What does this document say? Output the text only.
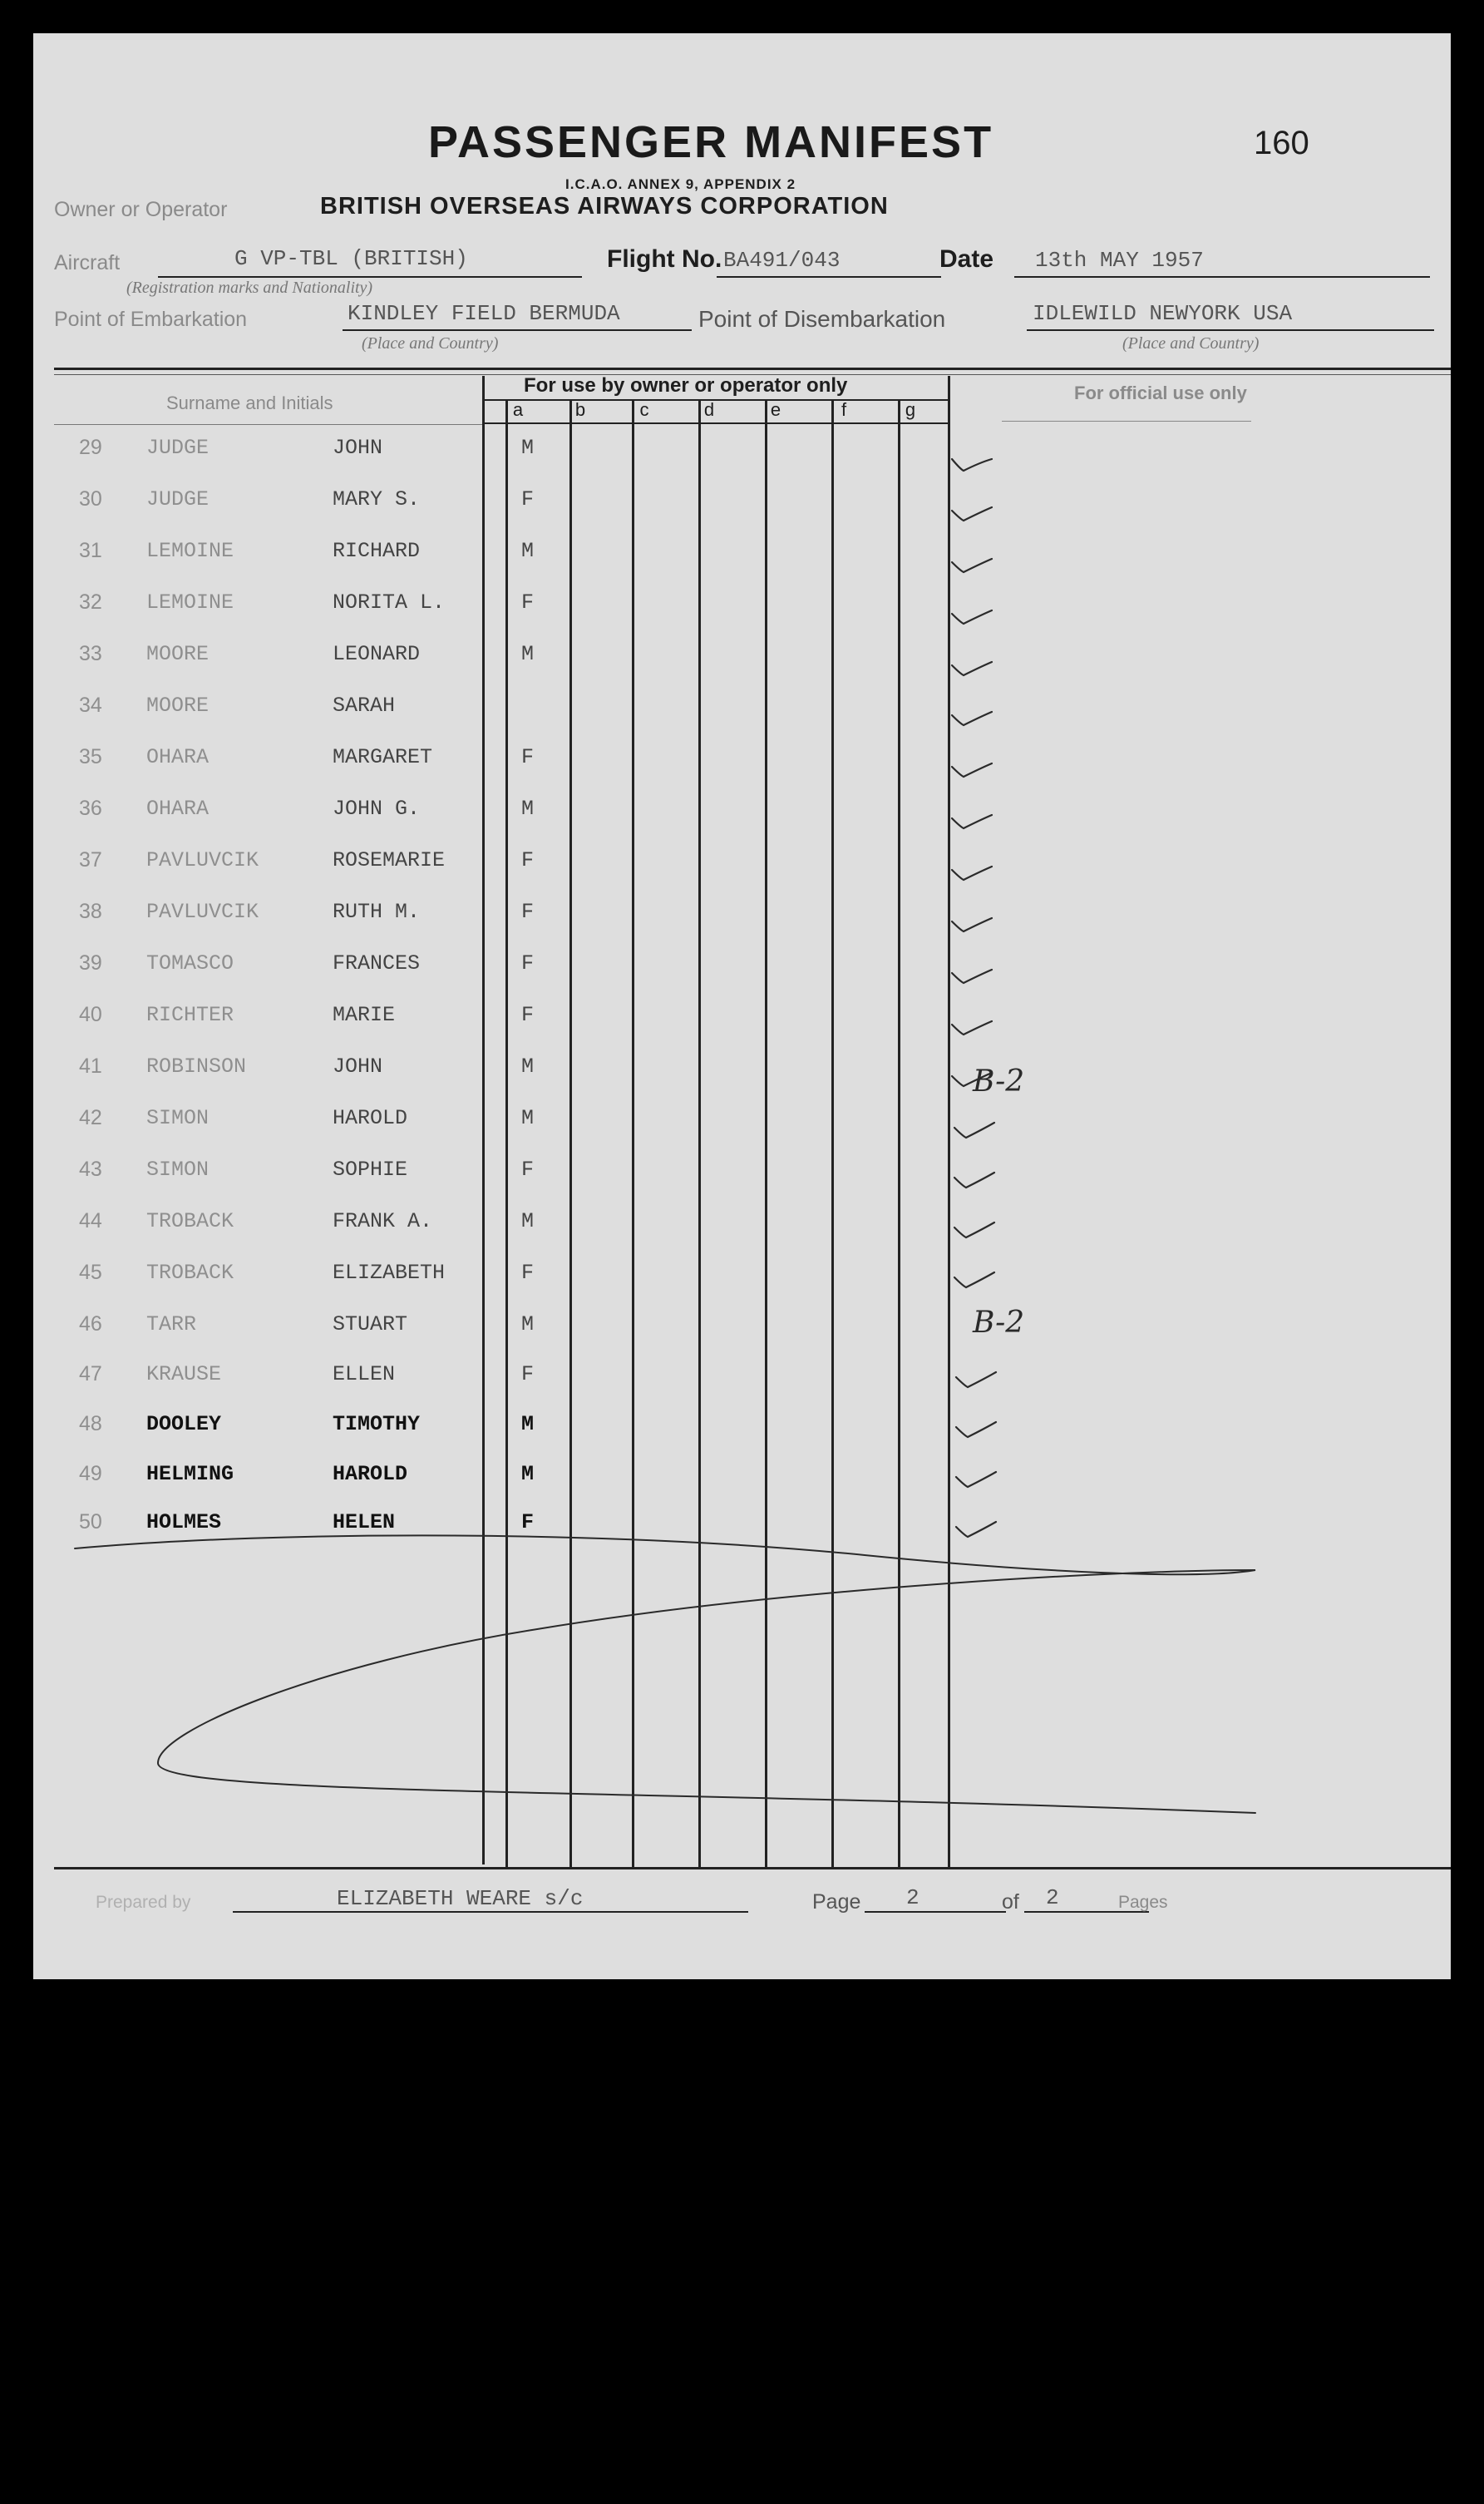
PASSENGER MANIFEST
I.C.A.O. ANNEX 9, APPENDIX 2
160
Owner or Operator	BRITISH OVERSEAS AIRWAYS CORPORATION
Aircraft	G VP-TBL (BRITISH)
(Registration marks and Nationality)
Flight No. BA491/043	Date 13th MAY 1957
Point of Embarkation	KINDLEY FIELD BERMUDA
(Place and Country)
Point of Disembarkation	IDLEWILD NEWYORK USA
(Place and Country)
Surname and Initials
For use by owner or operator only	For official use only
a	b	c	d	e	f	g
29 JUDGE	JOHN	M
30 JUDGE	MARY S.	F
31 LEMOINE	RICHARD	M
32 LEMOINE	NORITA L.	F
33 MOORE	LEONARD	M
34 MOORE	SARAH
35 OHARA	MARGARET	F
36 OHARA	JOHN G.	M
37 PAVLUVCIK	ROSEMARIE	F
38 PAVLUVCIK	RUTH M.	F
39 TOMASCO	FRANCES	F
40 RICHTER	MARIE	F
41 ROBINSON	JOHN	M
42 SIMON	HAROLD	M
43 SIMON	SOPHIE	F
44 TROBACK	FRANK A.	M
45 TROBACK	ELIZABETH	F
46 TARR	STUART	M
47 KRAUSE	ELLEN	F
48 DOOLEY	TIMOTHY	M
49 HELMING	HAROLD	M
50 HOLMES	HELEN	F
B-2
B-2
Prepared by	ELIZABETH WEARE s/c	Page 2	of 2	Pages
